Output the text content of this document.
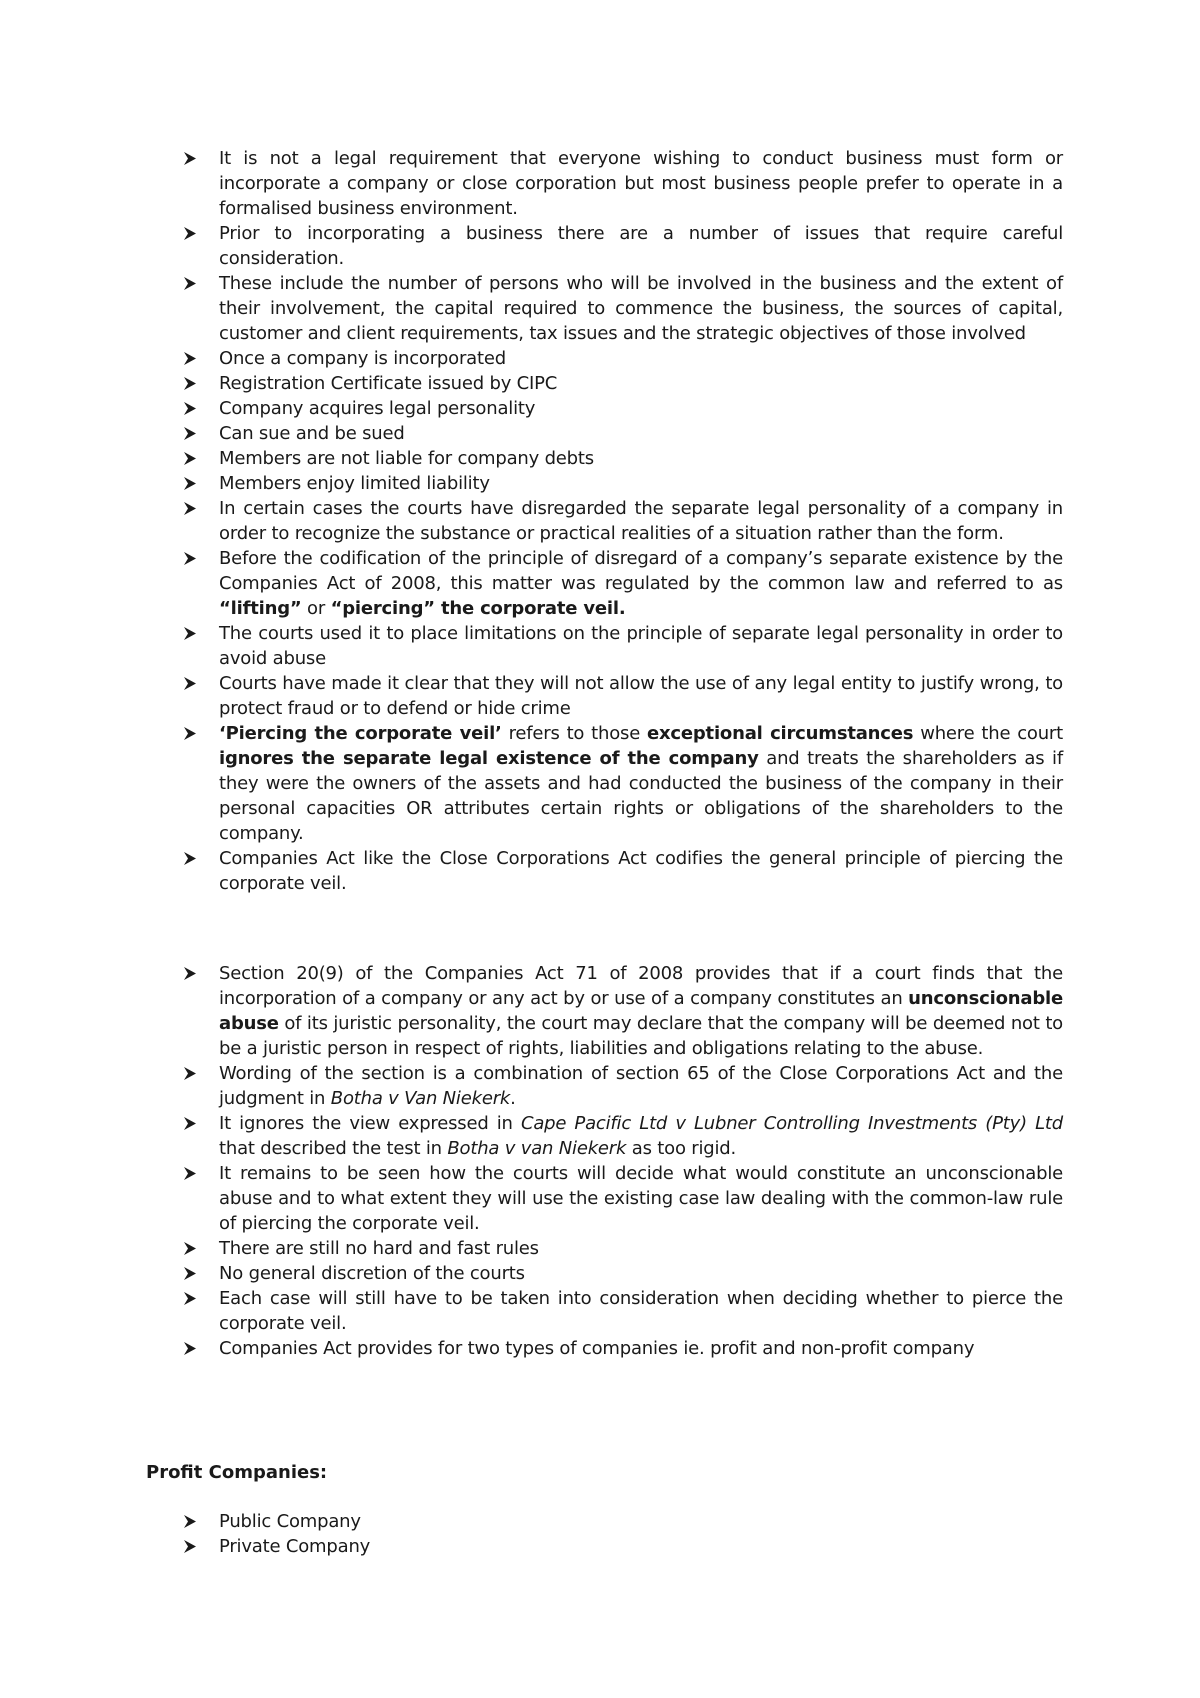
It is not a legal requirement that everyone wishing to conduct business must form or incorporate a company or close corporation but most business people prefer to operate in a formalised business environment.
Prior to incorporating a business there are a number of issues that require careful consideration.
These include the number of persons who will be involved in the business and the extent of their involvement, the capital required to commence the business, the sources of capital, customer and client requirements, tax issues and the strategic objectives of those involved
Once a company is incorporated
Registration Certificate issued by CIPC
Company acquires legal personality
Can sue and be sued
Members are not liable for company debts
Members enjoy limited liability
In certain cases the courts have disregarded the separate legal personality of a company in order to recognize the substance or practical realities of a situation rather than the form.
Before the codification of the principle of disregard of a company’s separate existence by the Companies Act of 2008, this matter was regulated by the common law and referred to as “lifting” or “piercing” the corporate veil.
The courts used it to place limitations on the principle of separate legal personality in order to avoid abuse
Courts have made it clear that they will not allow the use of any legal entity to justify wrong, to protect fraud or to defend or hide crime
‘Piercing the corporate veil’ refers to those exceptional circumstances where the court ignores the separate legal existence of the company and treats the shareholders as if they were the owners of the assets and had conducted the business of the company in their personal capacities OR attributes certain rights or obligations of the shareholders to the company.
Companies Act like the Close Corporations Act codifies the general principle of piercing the corporate veil.
Section 20(9) of the Companies Act 71 of 2008 provides that if a court finds that the incorporation of a company or any act by or use of a company constitutes an unconscionable abuse of its juristic personality, the court may declare that the company will be deemed not to be a juristic person in respect of rights, liabilities and obligations relating to the abuse.
Wording of the section is a combination of section 65 of the Close Corporations Act and the judgment in Botha v Van Niekerk.
It ignores the view expressed in Cape Pacific Ltd v Lubner Controlling Investments (Pty) Ltd that described the test in Botha v van Niekerk as too rigid.
It remains to be seen how the courts will decide what would constitute an unconscionable abuse and to what extent they will use the existing case law dealing with the common-law rule of piercing the corporate veil.
There are still no hard and fast rules
No general discretion of the courts
Each case will still have to be taken into consideration when deciding whether to pierce the corporate veil.
Companies Act provides for two types of companies ie. profit and non-profit company
Profit Companies:
Public Company
Private Company
